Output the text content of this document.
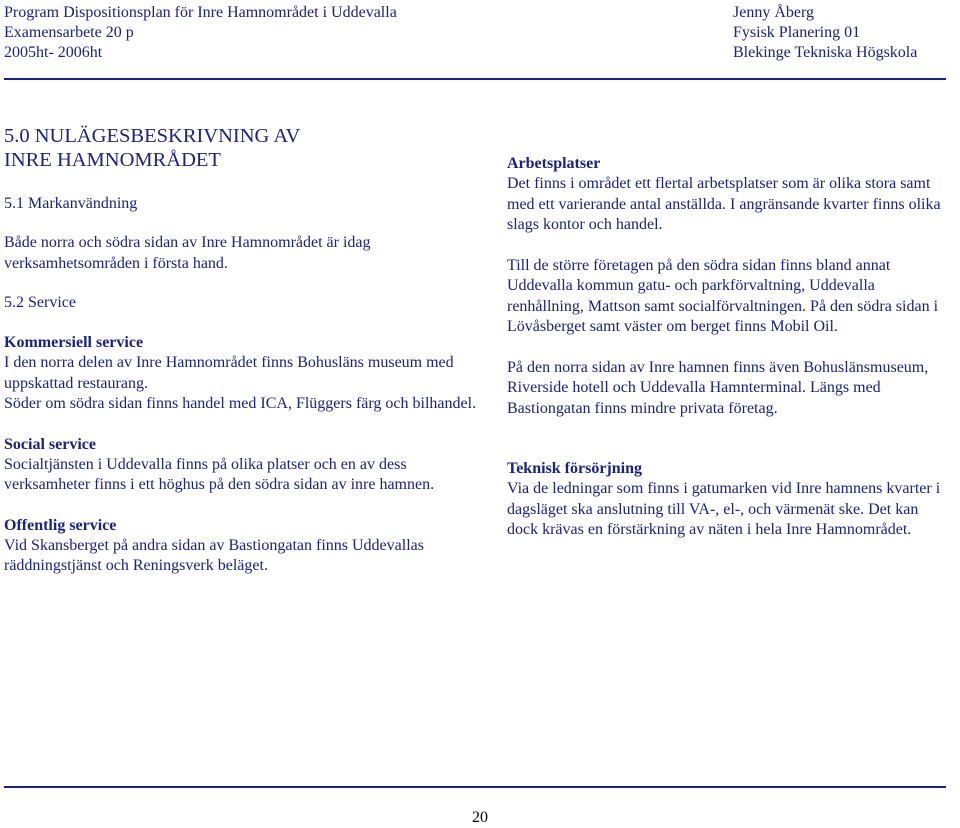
Program Dispositionsplan för Inre Hamnområdet i Uddevalla
Examensarbete 20 p
2005ht- 2006ht
Jenny Åberg
Fysisk Planering 01
Blekinge Tekniska Högskola
5.0 NULÄGESBESKRIVNING AV
INRE HAMNOMRÅDET
5.1 Markanvändning

Både norra och södra sidan av Inre Hamnområdet är idag verksamhetsområden i första hand.

5.2 Service
Kommersiell service

I den norra delen av Inre Hamnområdet finns Bohusläns museum med uppskattad restaurang.

Söder om södra sidan finns handel med ICA, Flüggers färg och bilhandel.

Social service

Socialtjänsten i Uddevalla finns på olika platser och en av dess verksamheter finns i ett höghus på den södra sidan av inre hamnen.

Offentlig service

Vid Skansberget på andra sidan av Bastiongatan finns Uddevallas räddningstjänst och Reningsverk beläget.

Arbetsplatser

Det finns i området ett flertal arbetsplatser som är olika stora samt med ett varierande antal anställda. I angränsande kvarter finns olika slags kontor och handel.

Till de större företagen på den södra sidan finns bland annat Uddevalla kommun gatu- och parkförvaltning, Uddevalla renhållning, Mattson samt socialförvaltningen. På den södra sidan i Lövåsberget samt väster om berget finns Mobil Oil.

På den norra sidan av Inre hamnen finns även Bohuslänsmuseum, Riverside hotell och Uddevalla Hamnterminal. Längs med Bastiongatan finns mindre privata företag.

Teknisk försörjning

Via de ledningar som finns i gatumarken vid Inre hamnens kvarter i dagsläget ska anslutning till VA-, el-, och värmenät ske. Det kan dock krävas en förstärkning av näten i hela Inre Hamnområdet.

20
